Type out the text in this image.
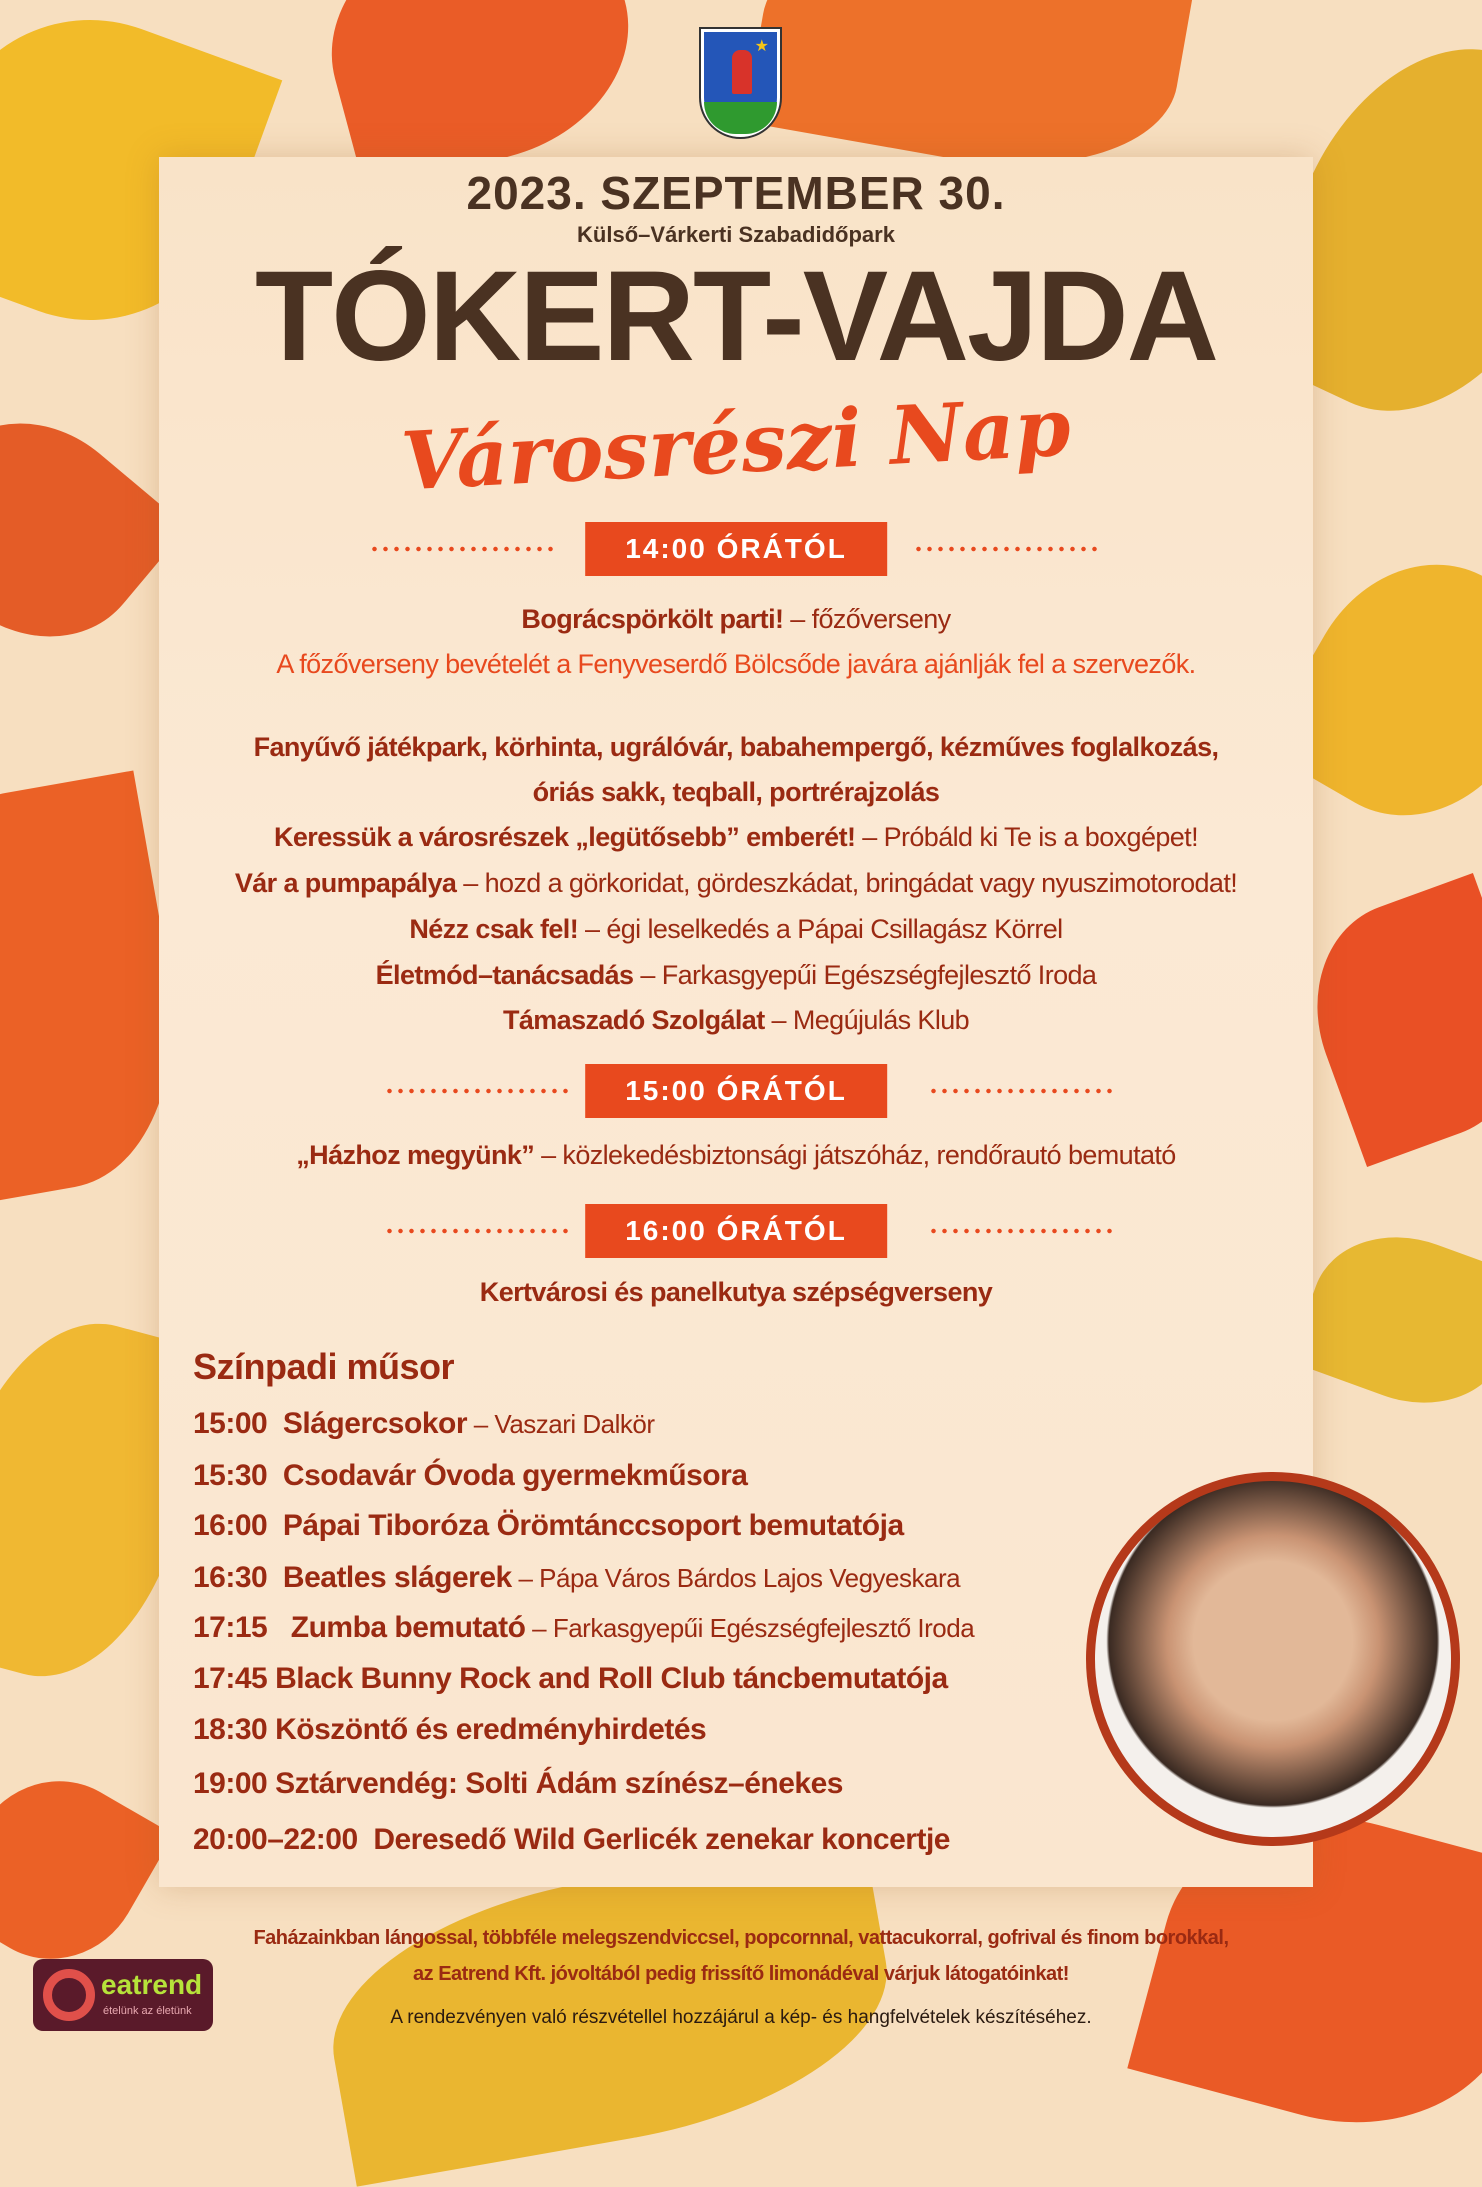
★
2023. SZEPTEMBER 30.
Külső–Várkerti Szabadidőpark
TÓKERT-VAJDA
Városrészi Nap
14:00 ÓRÁTÓL
Bográcspörkölt parti! – főzőverseny
A főzőverseny bevételét a Fenyveserdő Bölcsőde javára ajánlják fel a szervezők.
Fanyűvő játékpark, körhinta, ugrálóvár, babahempergő, kézműves foglalkozás,
óriás sakk, teqball, portrérajzolás
Keressük a városrészek „legütősebb” emberét! – Próbáld ki Te is a boxgépet!
Vár a pumpapálya – hozd a görkoridat, gördeszkádat, bringádat vagy nyuszimotorodat!
Nézz csak fel! – égi leselkedés a Pápai Csillagász Körrel
Életmód–tanácsadás – Farkasgyepűi Egészségfejlesztő Iroda
Támaszadó Szolgálat – Megújulás Klub
15:00 ÓRÁTÓL
„Házhoz megyünk” – közlekedésbiztonsági játszóház, rendőrautó bemutató
16:00 ÓRÁTÓL
Kertvárosi és panelkutya szépségverseny
Színpadi műsor
15:00 Slágercsokor – Vaszari Dalkör
15:30 Csodavár Óvoda gyermekműsora
16:00 Pápai Tiboróza Örömtánccsoport bemutatója
16:30 Beatles slágerek – Pápa Város Bárdos Lajos Vegyeskara
17:15 Zumba bemutató – Farkasgyepűi Egészségfejlesztő Iroda
17:45 Black Bunny Rock and Roll Club táncbemutatója
18:30 Köszöntő és eredményhirdetés
19:00 Sztárvendég: Solti Ádám színész–énekes
20:00–22:00 Deresedő Wild Gerlicék zenekar koncertje
Faházainkban lángossal, többféle melegszendviccsel, popcornnal, vattacukorral, gofrival és finom borokkal,
az Eatrend Kft. jóvoltából pedig frissítő limonádéval várjuk látogatóinkat!
A rendezvényen való részvétellel hozzájárul a kép- és hangfelvételek készítéséhez.
eatrend
ételünk az életünk
